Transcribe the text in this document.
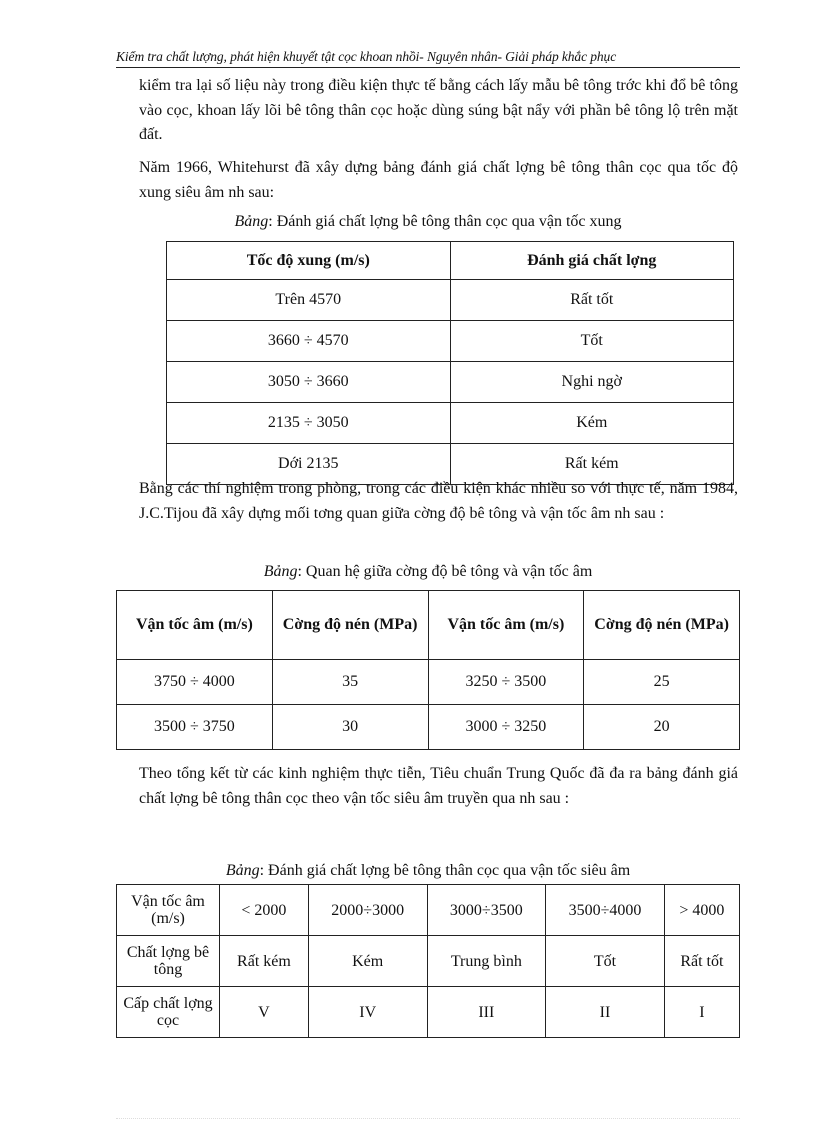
Kiểm tra chất lượng, phát hiện khuyết tật cọc khoan nhồi- Nguyên nhân- Giải pháp khắc phục

kiểm tra lại số liệu này trong điều kiện thực tế bằng cách lấy mẫu bê tông trớc khi đổ bê tông vào cọc, khoan lấy lõi bê tông thân cọc hoặc dùng súng bật nẩy với phần bê tông lộ trên mặt đất.

Năm 1966, Whitehurst đã xây dựng bảng đánh giá chất lợng bê tông thân cọc qua tốc độ xung siêu âm nh sau:

Bảng: Đánh giá chất lợng bê tông thân cọc qua vận tốc xung
Tốc độ xung (m/s)	Đánh giá chất lợng
Trên 4570	Rất tốt
3660 ÷ 4570	Tốt
3050 ÷ 3660	Nghi ngờ
2135 ÷ 3050	Kém
Dới 2135	Rất kém

Bằng các thí nghiệm trong phòng, trong các điều kiện khác nhiều so với thực tế, năm 1984, J.C.Tijou đã xây dựng mối tơng quan giữa cờng độ bê tông và vận tốc âm nh sau :

Bảng: Quan hệ giữa cờng độ bê tông và vận tốc âm
Vận tốc âm (m/s)	Cờng độ nén (MPa)	Vận tốc âm (m/s)	Cờng độ nén (MPa)
3750 ÷ 4000	35	3250 ÷ 3500	25
3500 ÷ 3750	30	3000 ÷ 3250	20

Theo tổng kết từ các kinh nghiệm thực tiễn, Tiêu chuẩn Trung Quốc đã đa ra bảng đánh giá chất lợng bê tông thân cọc theo vận tốc siêu âm truyền qua nh sau :

Bảng: Đánh giá chất lợng bê tông thân cọc qua vận tốc siêu âm
Vận tốc âm (m/s)	< 2000	2000÷3000	3000÷3500	3500÷4000	> 4000
Chất lợng bê tông	Rất kém	Kém	Trung bình	Tốt	Rất tốt
Cấp chất lợng cọc	V	IV	III	II	I
